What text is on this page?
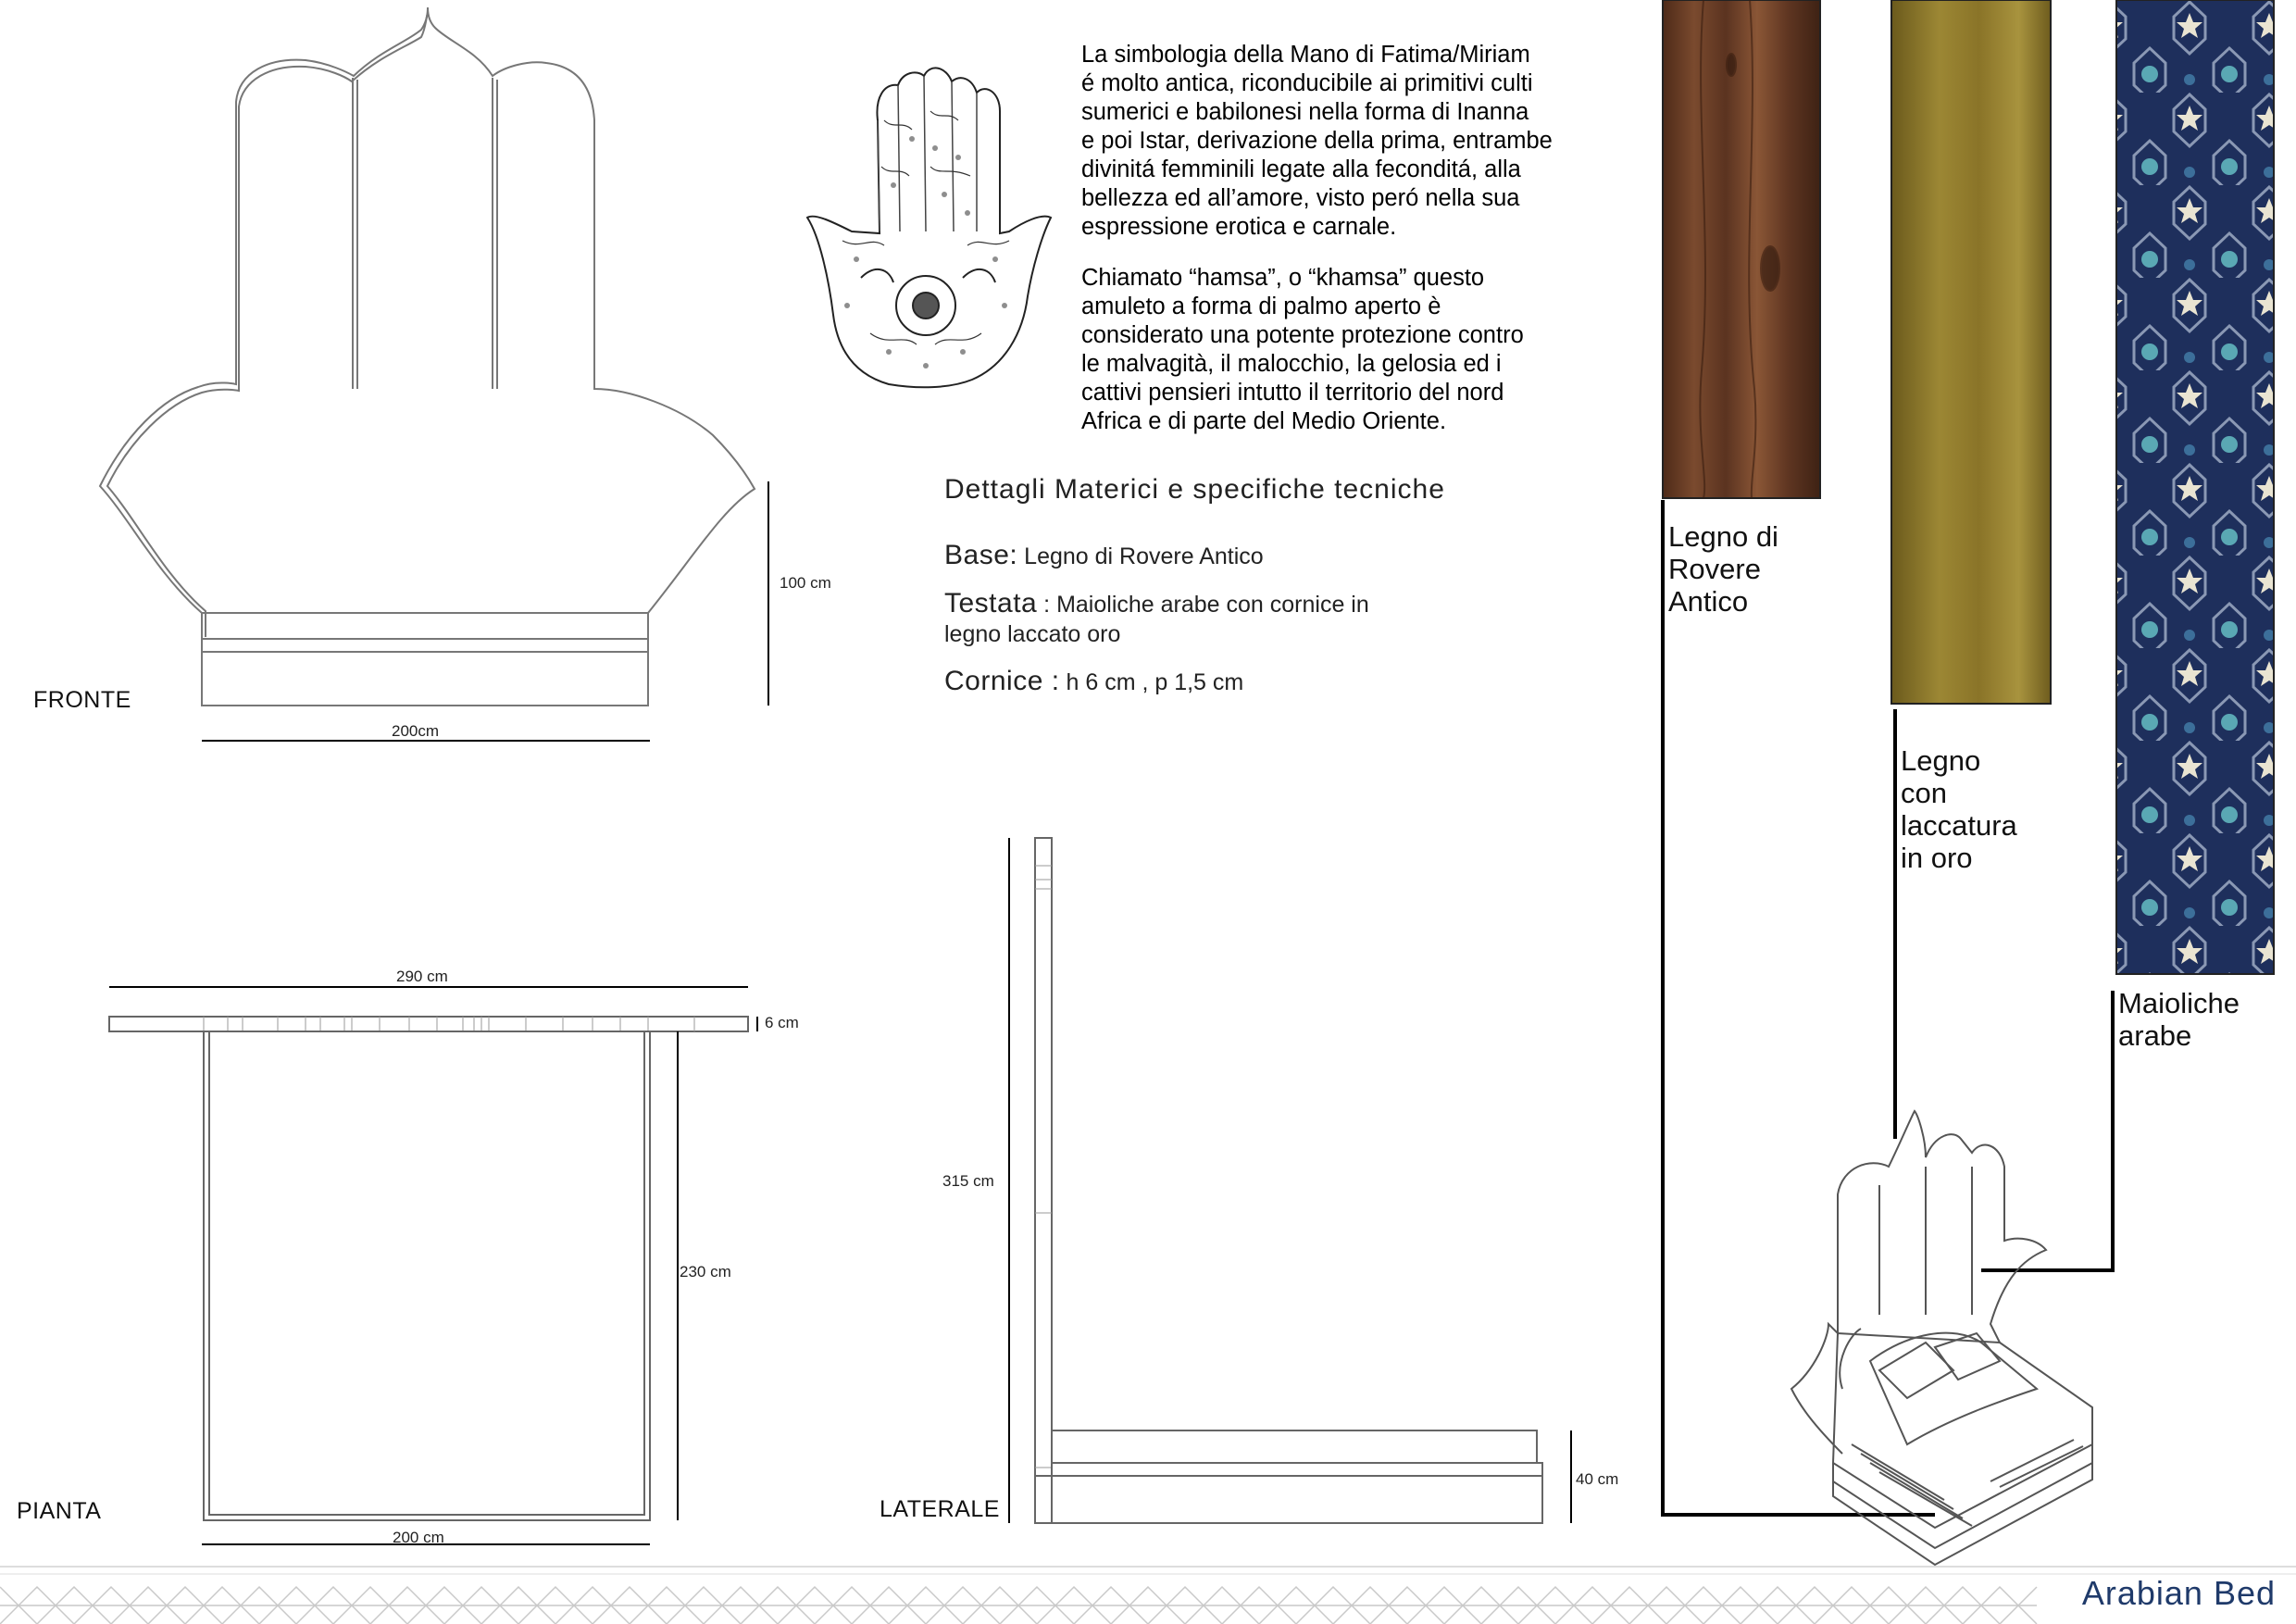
FRONTE
200cm
100 cm
PIANTA
290 cm
6 cm
230 cm
200 cm
LATERALE
315 cm
40 cm

La simbologia della Mano di Fatima/Miriam

é molto antica, riconducibile ai primitivi culti

sumerici e babilonesi nella forma di Inanna

e poi Istar, derivazione della prima, entrambe

divinitá femminili legate alla feconditá, alla

bellezza ed all’amore, visto peró nella sua

espressione erotica e carnale.

Chiamato “hamsa”, o “khamsa” questo

amuleto a forma di palmo aperto è

considerato una potente protezione contro

le malvagità, il malocchio, la gelosia ed i

cattivi pensieri intutto il territorio del nord

Africa e di parte del Medio Oriente.

Dettagli Materici e specifiche tecniche
Base: Legno di Rovere Antico
Testata : Maioliche arabe con cornice in
legno laccato oro
Cornice : h 6 cm , p 1,5 cm
Legno di
Rovere
Antico
Legno
con
laccatura
in oro
Maioliche
arabe
Arabian Bed
